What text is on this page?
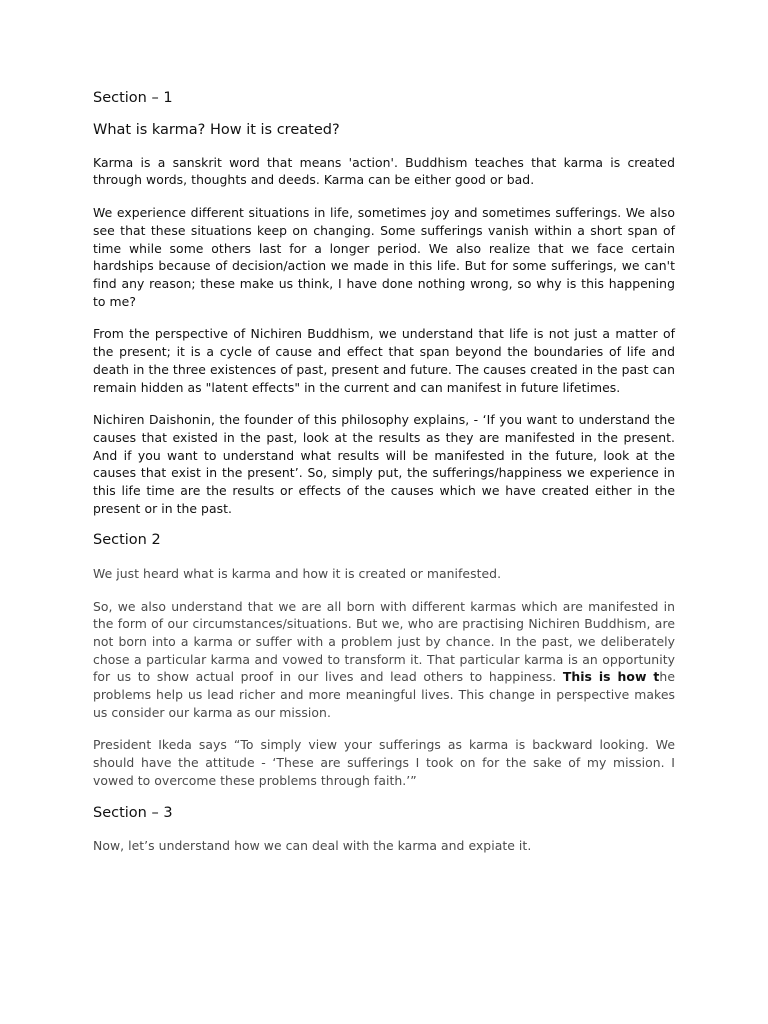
Section – 1
What is karma? How it is created?

Karma is a sanskrit word that means 'action'. Buddhism teaches that karma is created through words, thoughts and deeds. Karma can be either good or bad.

We experience different situations in life, sometimes joy and sometimes sufferings. We also see that these situations keep on changing. Some sufferings vanish within a short span of time while some others last for a longer period. We also realize that we face certain hardships because of decision/action we made in this life. But for some sufferings, we can't find any reason; these make us think, I have done nothing wrong, so why is this happening to me?

From the perspective of Nichiren Buddhism, we understand that life is not just a matter of the present; it is a cycle of cause and effect that span beyond the boundaries of life and death in the three existences of past, present and future. The causes created in the past can remain hidden as "latent effects" in the current and can manifest in future lifetimes.

Nichiren Daishonin, the founder of this philosophy explains, - ‘If you want to understand the causes that existed in the past, look at the results as they are manifested in the present. And if you want to understand what results will be manifested in the future, look at the causes that exist in the present’. So, simply put, the sufferings/happiness we experience in this life time are the results or effects of the causes which we have created either in the present or in the past.

Section 2

We just heard what is karma and how it is created or manifested.

So, we also understand that we are all born with different karmas which are manifested in the form of our circumstances/situations. But we, who are practising Nichiren Buddhism, are not born into a karma or suffer with a problem just by chance. In the past, we deliberately chose a particular karma and vowed to transform it. That particular karma is an opportunity for us to show actual proof in our lives and lead others to happiness. This is how the problems help us lead richer and more meaningful lives. This change in perspective makes us consider our karma as our mission.

President Ikeda says “To simply view your sufferings as karma is backward looking. We should have the attitude - ‘These are sufferings I took on for the sake of my mission. I vowed to overcome these problems through faith.’”

Section – 3

Now, let’s understand how we can deal with the karma and expiate it.
